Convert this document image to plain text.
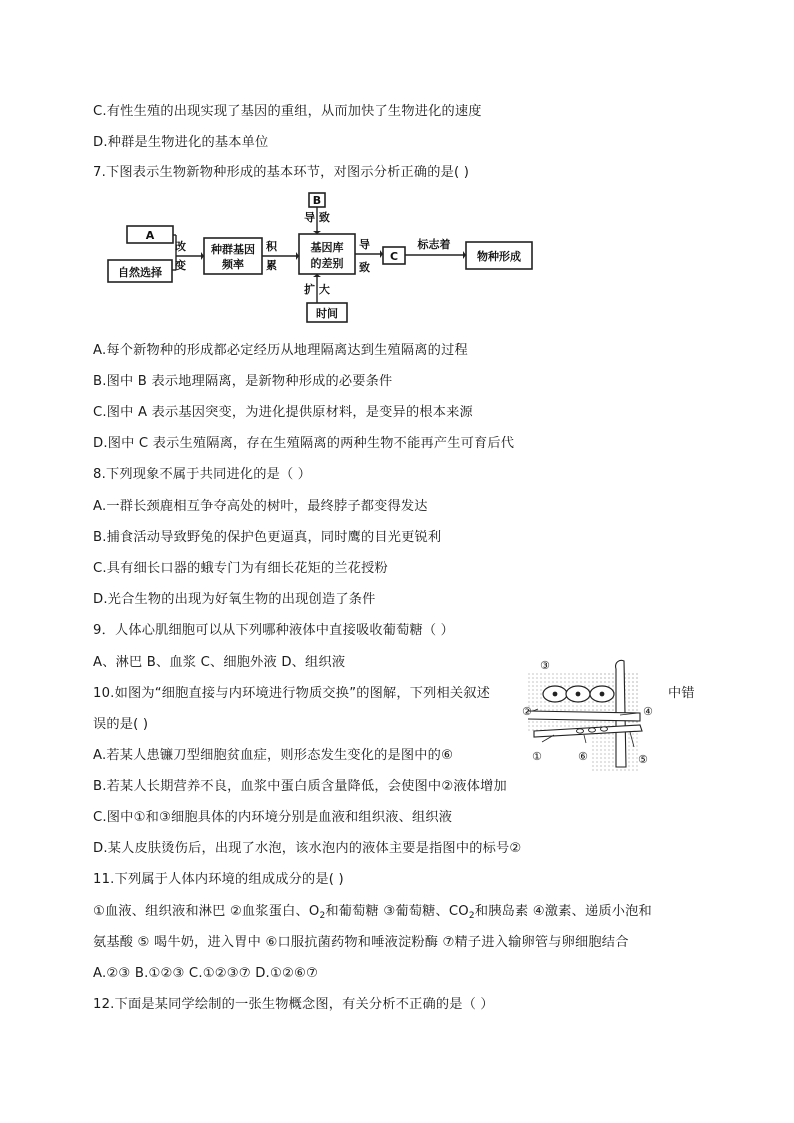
C.有性生殖的出现实现了基因的重组，从而加快了生物进化的速度
D.种群是生物进化的基本单位
7.下图表示生物新物种形成的基本环节，对图示分析正确的是( )
A
自然选择
改
变
种群基因
频率
积
累
基因库
的差别
B
导 致
扩 大
时间
导
致
C
标志着
物种形成
A.每个新物种的形成都必定经历从地理隔离达到生殖隔离的过程
B.图中 B 表示地理隔离，是新物种形成的必要条件
C.图中 A 表示基因突变，为进化提供原材料，是变异的根本来源
D.图中 C 表示生殖隔离，存在生殖隔离的两种生物不能再产生可育后代
8.下列现象不属于共同进化的是（ ）
A.一群长颈鹿相互争夺高处的树叶，最终脖子都变得发达
B.捕食活动导致野兔的保护色更逼真，同时鹰的目光更锐利
C.具有细长口器的蛾专门为有细长花矩的兰花授粉
D.光合生物的出现为好氧生物的出现创造了条件
9．人体心肌细胞可以从下列哪种液体中直接吸收葡萄糖（ ）
A、淋巴 B、血浆 C、细胞外液 D、组织液
10.如图为“细胞直接与内环境进行物质交换”的图解，下列相关叙述	中错
误的是( )
③
②	④
①	⑥	⑤
A.若某人患镰刀型细胞贫血症，则形态发生变化的是图中的⑥
B.若某人长期营养不良，血浆中蛋白质含量降低，会使图中②液体增加
C.图中①和③细胞具体的内环境分别是血液和组织液、组织液
D.某人皮肤烫伤后，出现了水泡，该水泡内的液体主要是指图中的标号②
11.下列属于人体内环境的组成成分的是( )
①血液、组织液和淋巴 ②血浆蛋白、$O_2$和葡萄糖 ③葡萄糖、$CO_2$和胰岛素 ④激素、递质小泡和
氨基酸 ⑤ 喝牛奶，进入胃中 ⑥口服抗菌药物和唾液淀粉酶 ⑦精子进入输卵管与卵细胞结合
A.②③ B.①②③ C.①②③⑦ D.①②⑥⑦
12.下面是某同学绘制的一张生物概念图，有关分析不正确的是（ ）
